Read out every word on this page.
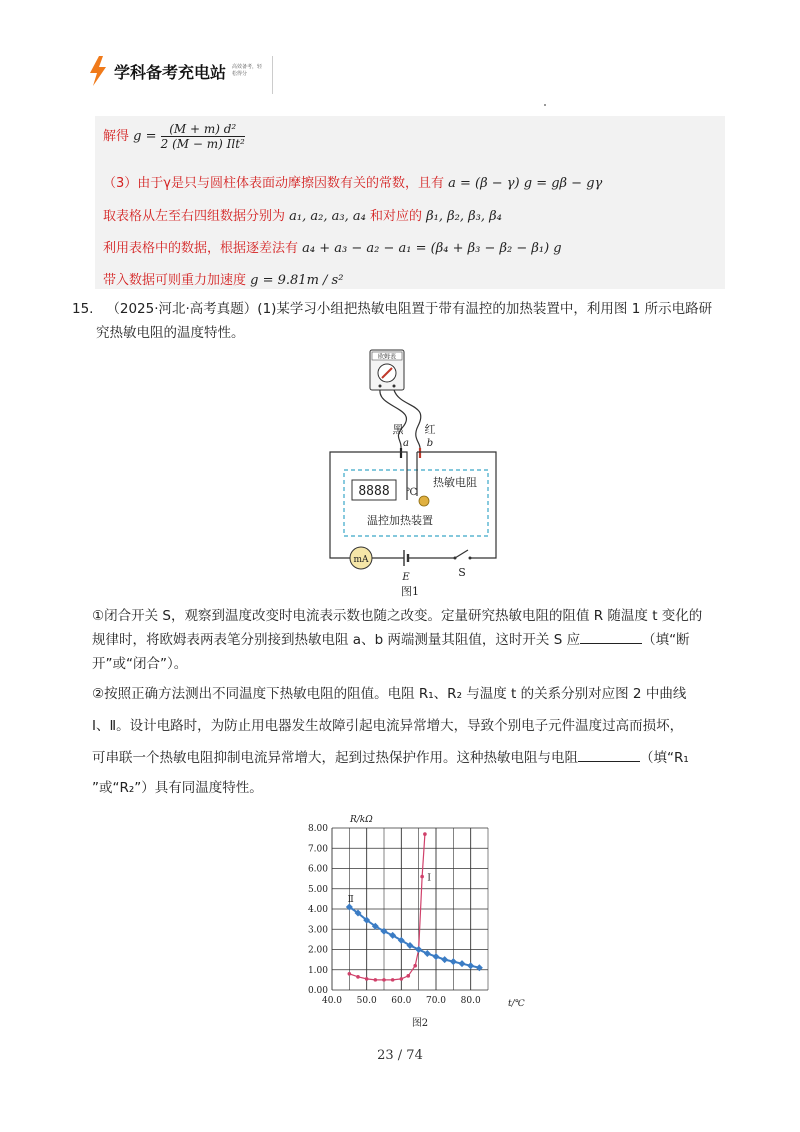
学科备考充电站 高效备考，轻松得分
解得 $g = \frac{\text{(M + m) d²}}{\text{2 (M − m) Ilt²}}$
（3）由于γ是只与圆柱体表面动摩擦因数有关的常数，且有 a = (β − γ) g = gβ − gγ
取表格从左至右四组数据分别为 a₁, a₂, a₃, a₄ 和对应的 β₁, β₂, β₃, β₄
利用表格中的数据，根据逐差法有 a₄ + a₃ − a₂ − a₁ = (β₄ + β₃ − β₂ − β₁) g
带入数据可则重力加速度 g = 9.81m / s²
15. （2025·河北·高考真题）(1)某学习小组把热敏电阻置于带有温控的加热装置中，利用图 1 所示电路研
究热敏电阻的温度特性。
欧姆表
黑 红
a b
8888 ℃
热敏电阻
温控加热装置
mA
E	S
图1
①闭合开关 S，观察到温度改变时电流表示数也随之改变。定量研究热敏电阻的阻值 R 随温度 t 变化的
规律时，将欧姆表两表笔分别接到热敏电阻 a、b 两端测量其阻值，这时开关 S 应	（填“断
开”或“闭合”）。
②按照正确方法测出不同温度下热敏电阻的阻值。电阻 R₁、R₂ 与温度 t 的关系分别对应图 2 中曲线
Ⅰ、Ⅱ。设计电路时，为防止用电器发生故障引起电流异常增大，导致个别电子元件温度过高而损坏，
可串联一个热敏电阻抑制电流异常增大，起到过热保护作用。这种热敏电阻与电阻	（填“R₁
”或“R₂”）具有同温度特性。
40.0 50.0 60.0 70.0 80.0
0.00
1.00
2.00
3.00
4.00
5.00
6.00
7.00
8.00
Ⅰ
Ⅱ
R/kΩ
t/℃
图2
23 / 74
